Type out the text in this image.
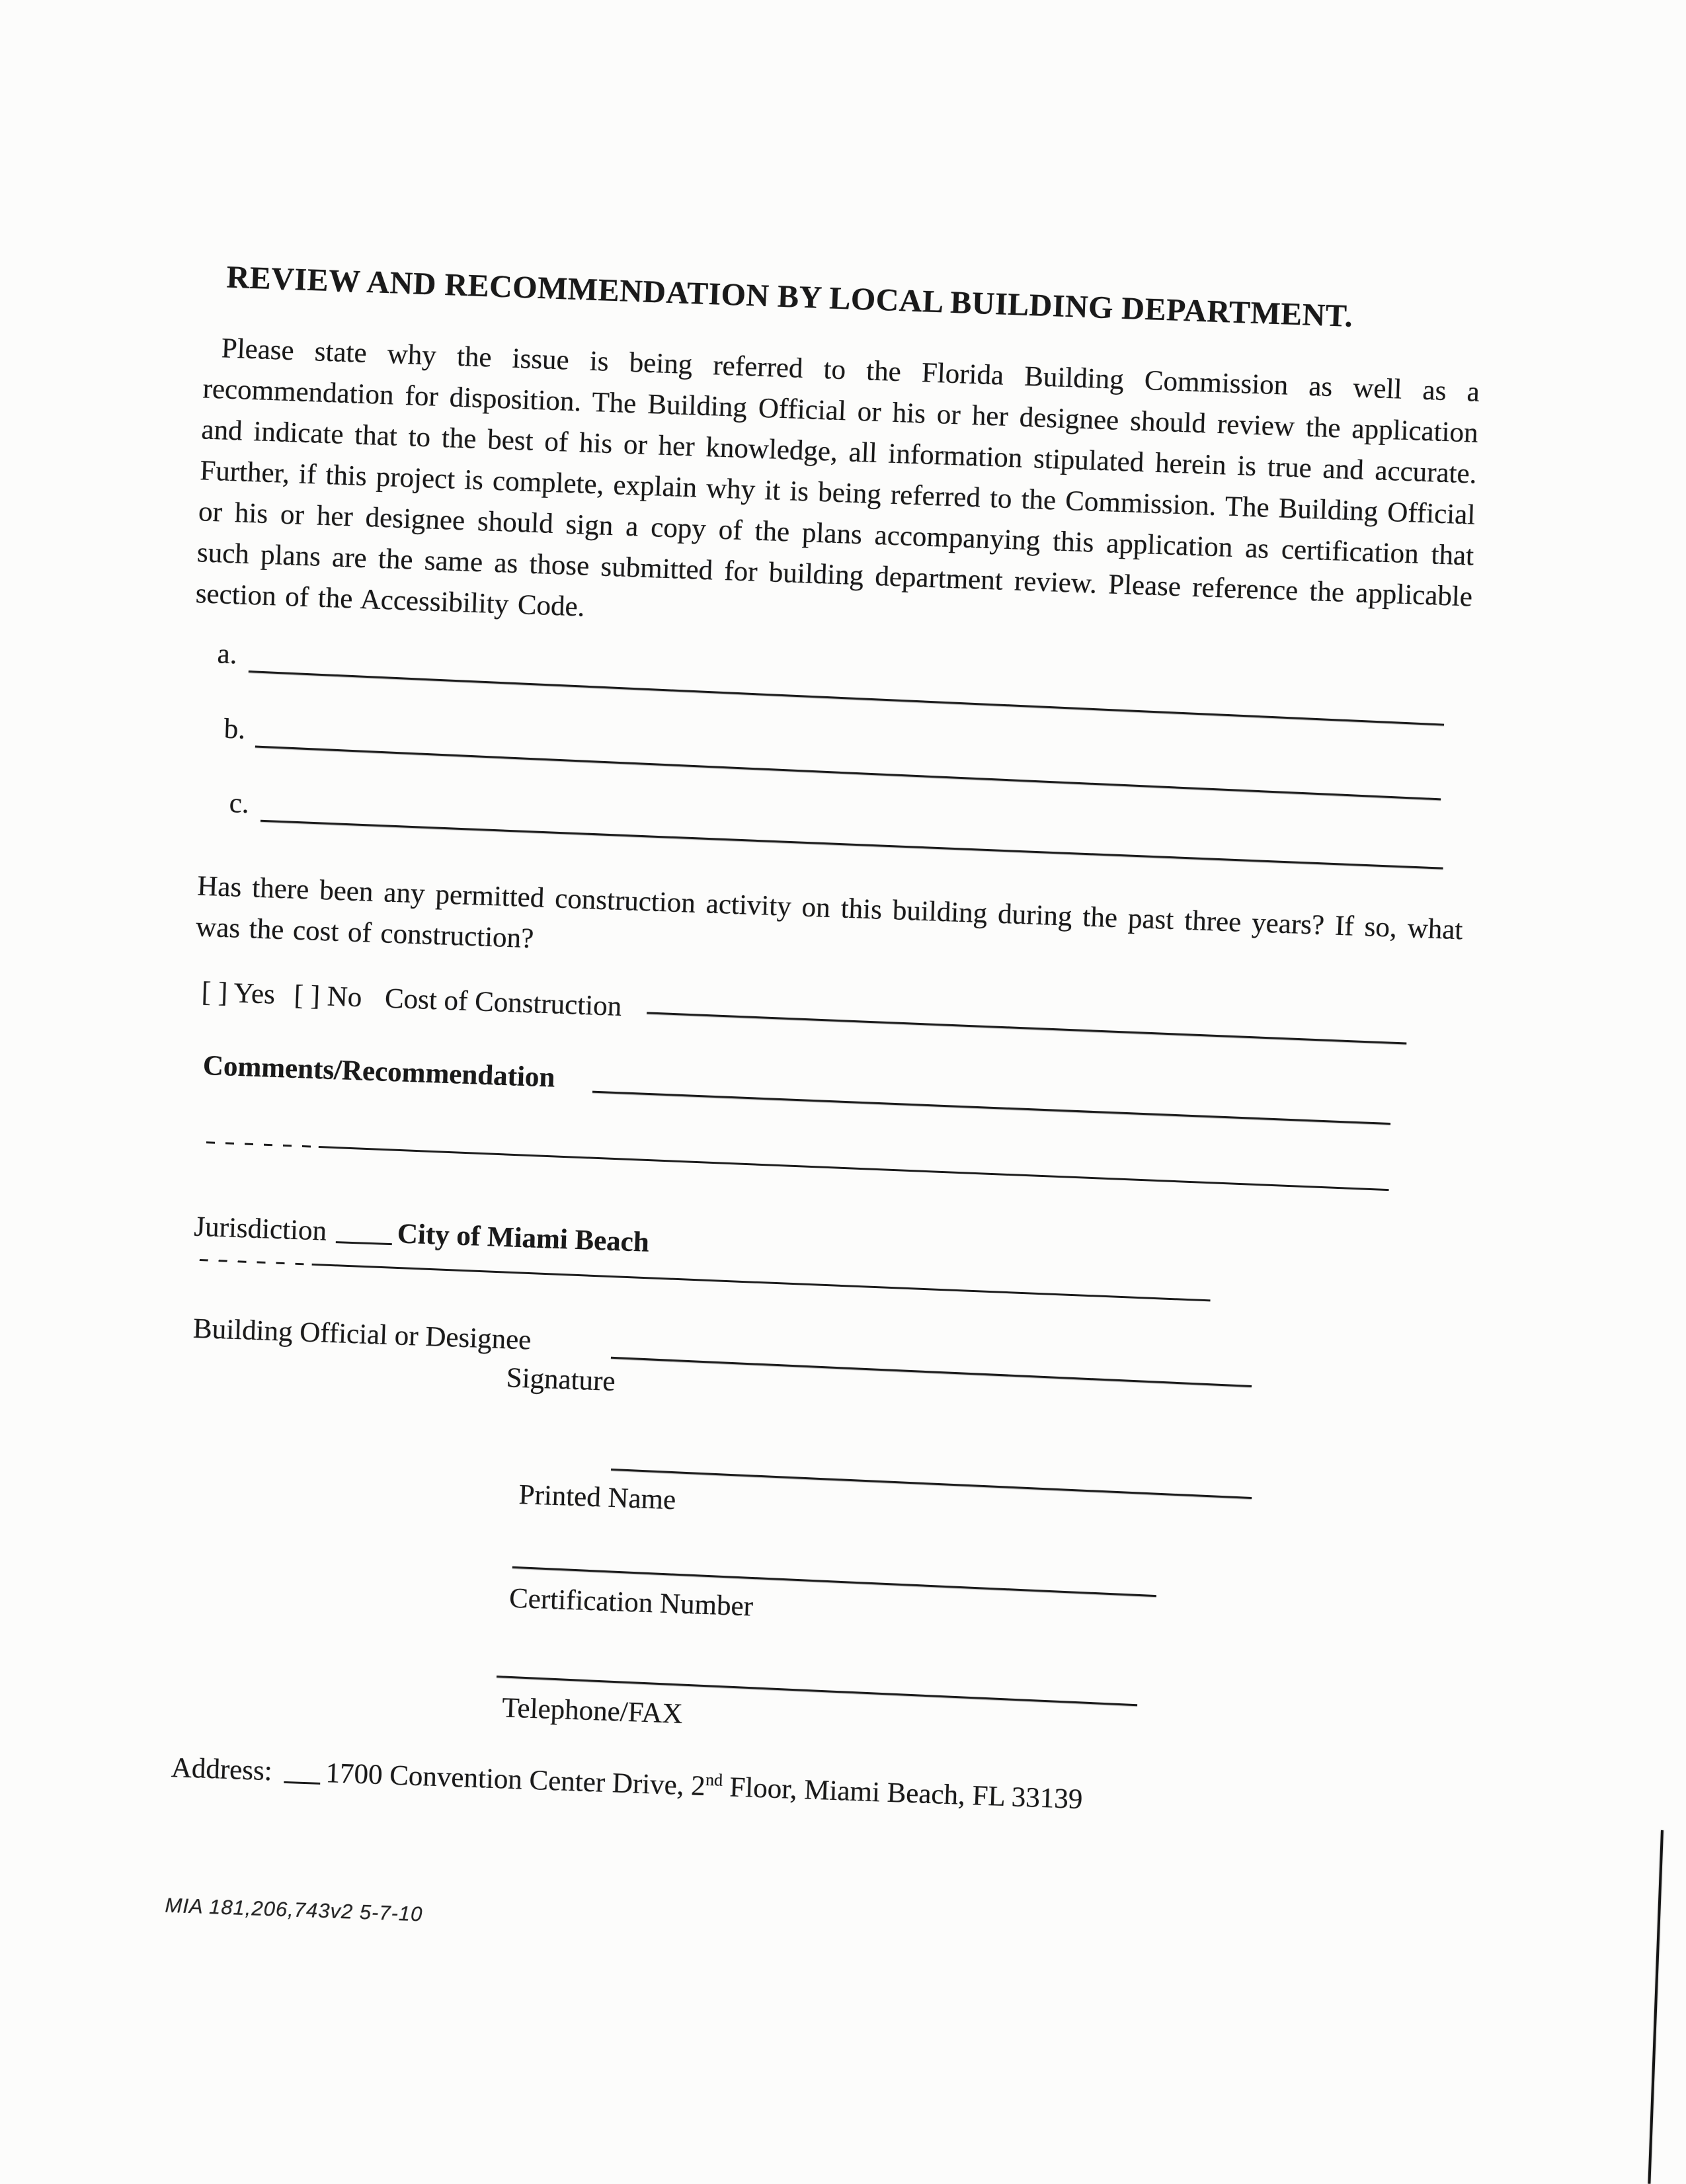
REVIEW AND RECOMMENDATION BY LOCAL BUILDING DEPARTMENT.

Please state why the issue is being referred to the Florida Building Commission as well as a recommendation for disposition. The Building Official or his or her designee should review the application and indicate that to the best of his or her knowledge, all information stipulated herein is true and accurate. Further, if this project is complete, explain why it is being referred to the Commission. The Building Official or his or her designee should sign a copy of the plans accompanying this application as certification that such plans are the same as those submitted for building department review. Please reference the applicable section of the Accessibility Code.

a.
b.
c.

Has there been any permitted construction activity on this building during the past three years? If so, what was the cost of construction?

[ ] Yes [ ] No Cost of Construction
Comments/Recommendation
Jurisdiction City of Miami Beach
Building Official or Designee
Signature
Printed Name
Certification Number
Telephone/FAX
Address: 1700 Convention Center Drive, 2nd Floor, Miami Beach, FL 33139
MIA 181,206,743v2 5-7-10
